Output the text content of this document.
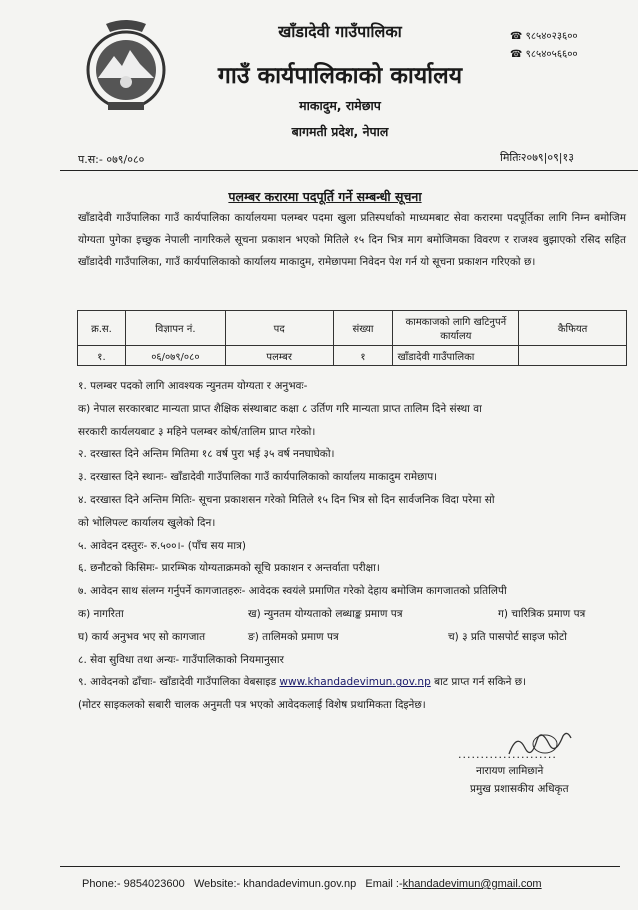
खाँडादेवी गाउँपालिका
गाउँ कार्यपालिकाको कार्यालय
माकादुम, रामेछाप
बागमती प्रदेश, नेपाल
☎ ९८५४०२३६००
☎ ९८५४०५६६००
प.स:- ०७९/०८०	मितिः२०७९|०९|१३
पलम्बर करारमा पदपूर्ति गर्ने सम्बन्धी सूचना
खाँडादेवी गाउँपालिका गाउँ कार्यपालिका कार्यालयमा पलम्बर पदमा खुला प्रतिस्पर्धाको माध्यमबाट सेवा करारमा पदपूर्तिका लागि निम्न बमोजिम योग्यता पुगेका इच्छुक नेपाली नागरिकले सूचना प्रकाशन भएको मितिले १५ दिन भित्र माग बमोजिमका विवरण र राजश्व बुझाएको रसिद सहित खाँडादेवी गाउँपालिका, गाउँ कार्यपालिकाको कार्यालय माकादुम, रामेछापमा निवेदन पेश गर्न यो सूचना प्रकाशन गरिएको छ।
क्र.स.	विज्ञापन नं.	पद	संख्या	कामकाजको लागि खटिनुपर्ने कार्यालय	कैफियत
१.	०६/०७९/०८०	पलम्बर	१	खाँडादेवी गाउँपालिका	
१. पलम्बर पदको लागि आवश्यक न्युनतम योग्यता र अनुभवः-
क) नेपाल सरकारबाट मान्यता प्राप्त शैक्षिक संस्थाबाट कक्षा ८ उर्तिण गरि मान्यता प्राप्त तालिम दिने संस्था वा
सरकारी कार्यलयबाट ३ महिने पलम्बर कोर्ष/तालिम प्राप्त गरेको।
२. दरखास्त दिने अन्तिम मितिमा १८ वर्ष पुरा भई ३५ वर्ष ननघाघेको।
३. दरखास्त दिने स्थानः- खाँडादेवी गाउँपालिका गाउँ कार्यपालिकाको कार्यालय माकादुम रामेछाप।
४. दरखास्त दिने अन्तिम मितिः- सूचना प्रकाशसन गरेको मितिले १५ दिन भित्र सो दिन सार्वजनिक विदा परेमा सो
को भोलिपल्ट कार्यालय खुलेको दिन।
५. आवेदन दस्तुरः- रु.५००।- (पाँच सय मात्र)
६. छनौटको किसिमः- प्रारम्भिक योग्यताक्रमको सूचि प्रकाशन र अन्तर्वाता परीक्षा।
७. आवेदन साथ संलग्न गर्नुपर्ने कागजातहरुः- आवेदक स्वयंले प्रमाणित गरेको देहाय बमोजिम कागजातको प्रतिलिपी
क) नागरिता	ख) न्युनतम योग्यताको लब्धाङ्क प्रमाण पत्र	ग) चारित्रिक प्रमाण पत्र
घ) कार्य अनुभव भए सो कागजात	ङ) तालिमको प्रमाण पत्र	च) ३ प्रति पासपोर्ट साइज फोटो
८. सेवा सुविधा तथा अन्यः- गाउँपालिकाको नियमानुसार
९. आवेदनको ढाँचाः- खाँडादेवी गाउँपालिका वेबसाइड www.khandadevimun.gov.np बाट प्राप्त गर्न सकिने छ।
(मोटर साइकलको सबारी चालक अनुमती पत्र भएको आवेदकलाई विशेष प्रथामिकता दिइनेछ।
......................
नारायण लामिछाने
प्रमुख प्रशासकीय अधिकृत
Phone:- 9854023600 Website:- khandadevimun.gov.np Email :-khandadevimun@gmail.com
